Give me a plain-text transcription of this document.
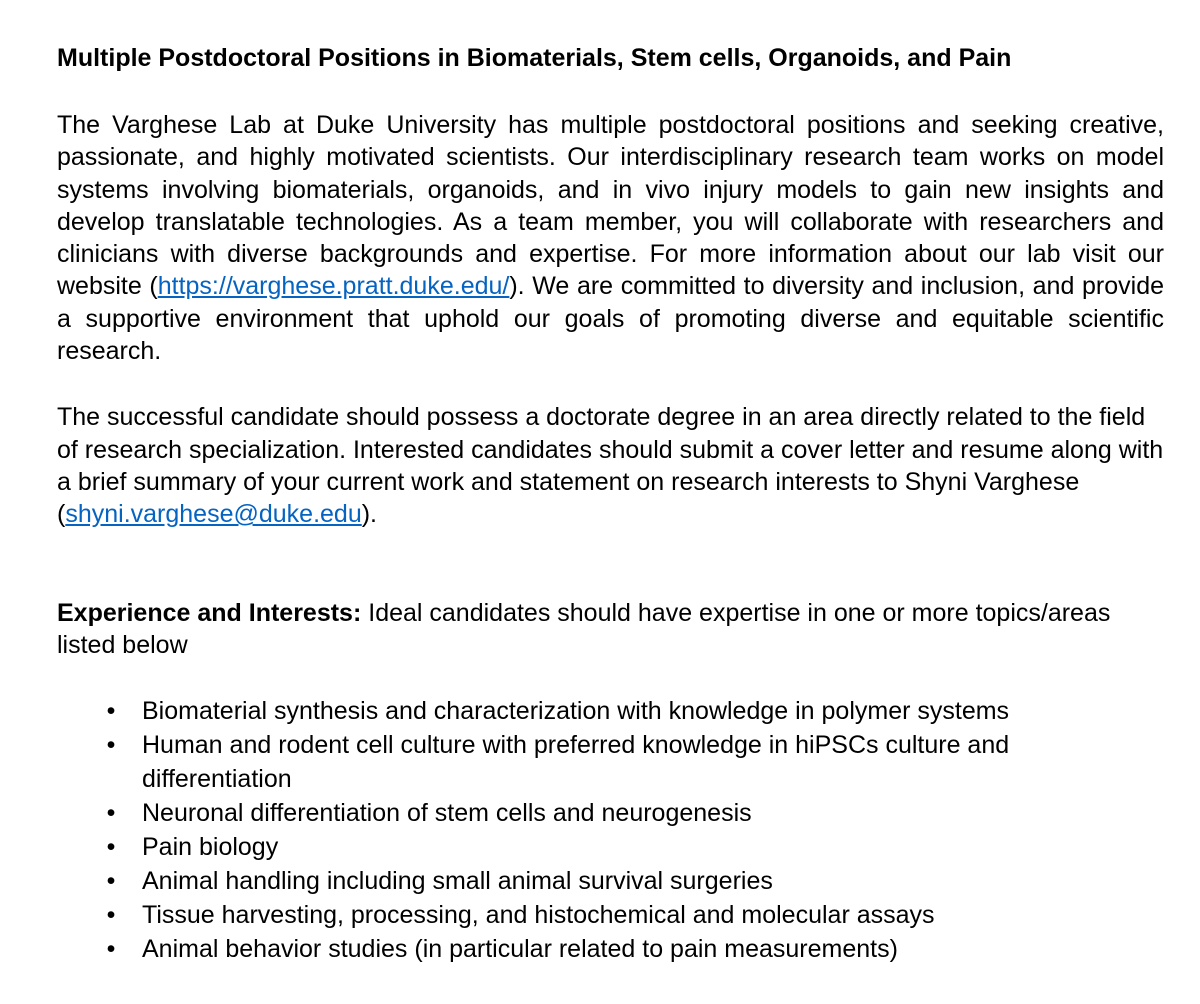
Multiple Postdoctoral Positions in Biomaterials, Stem cells, Organoids, and Pain

The Varghese Lab at Duke University has multiple postdoctoral positions and seeking creative, passionate, and highly motivated scientists. Our interdisciplinary research team works on model systems involving biomaterials, organoids, and in vivo injury models to gain new insights and develop translatable technologies. As a team member, you will collaborate with researchers and clinicians with diverse backgrounds and expertise. For more information about our lab visit our website (https://varghese.pratt.duke.edu/). We are committed to diversity and inclusion, and provide a supportive environment that uphold our goals of promoting diverse and equitable scientific research.

The successful candidate should possess a doctorate degree in an area directly related to the field of research specialization. Interested candidates should submit a cover letter and resume along with a brief summary of your current work and statement on research interests to Shyni Varghese (shyni.varghese@duke.edu).

Experience and Interests: Ideal candidates should have expertise in one or more topics/areas listed below

• Biomaterial synthesis and characterization with knowledge in polymer systems
• Human and rodent cell culture with preferred knowledge in hiPSCs culture and differentiation
• Neuronal differentiation of stem cells and neurogenesis
• Pain biology
• Animal handling including small animal survival surgeries
• Tissue harvesting, processing, and histochemical and molecular assays
• Animal behavior studies (in particular related to pain measurements)
